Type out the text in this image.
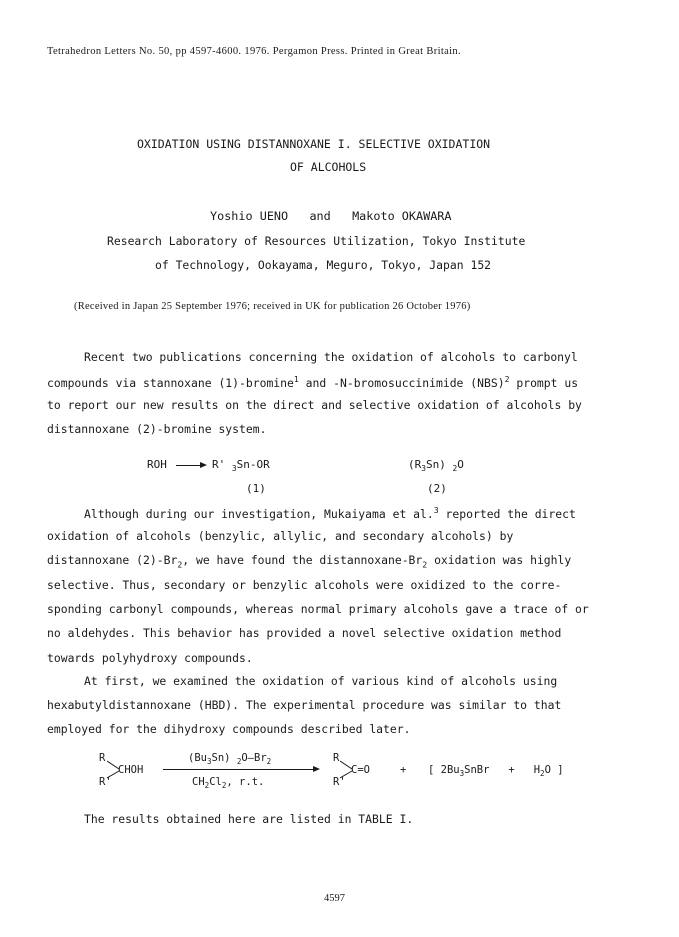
Tetrahedron Letters No. 50, pp 4597-4600. 1976. Pergamon Press. Printed in Great Britain.
OXIDATION USING DISTANNOXANE I. SELECTIVE OXIDATION
OF ALCOHOLS
Yoshio UENO and Makoto OKAWARA
Research Laboratory of Resources Utilization, Tokyo Institute
of Technology, Ookayama, Meguro, Tokyo, Japan 152
(Received in Japan 25 September 1976; received in UK for publication 26 October 1976)
Recent two publications concerning the oxidation of alcohols to carbonyl
compounds via stannoxane (1)-bromine$^1$ and -N-bromosuccinimide (NBS)$^2$ prompt us
to report our new results on the direct and selective oxidation of alcohols by
distannoxane (2)-bromine system.
ROH	R' $_3$Sn-OR
(1)
$(R_3Sn)$ $_2$O
(2)
Although during our investigation, Mukaiyama et al.$^3$ reported the direct
oxidation of alcohols (benzylic, allylic, and secondary alcohols) by
distannoxane $(2)-Br_2$, we have found the distannoxane-$Br_2$ oxidation was highly
selective. Thus, secondary or benzylic alcohols were oxidized to the corre-
sponding carbonyl compounds, whereas normal primary alcohols gave a trace of or
no aldehydes. This behavior has provided a novel selective oxidation method
towards polyhydroxy compounds.
At first, we examined the oxidation of various kind of alcohols using
hexabutyldistannoxane (HBD). The experimental procedure was similar to that
employed for the dihydroxy compounds described later.
R
CHOH
R'
$(Bu_3Sn)$ $_2O—Br_2$
$CH_2Cl_2$, r.t.
R
C=O
R'
+ [ $2Bu_3SnBr + H_2O$ ]
The results obtained here are listed in TABLE I.
4597
